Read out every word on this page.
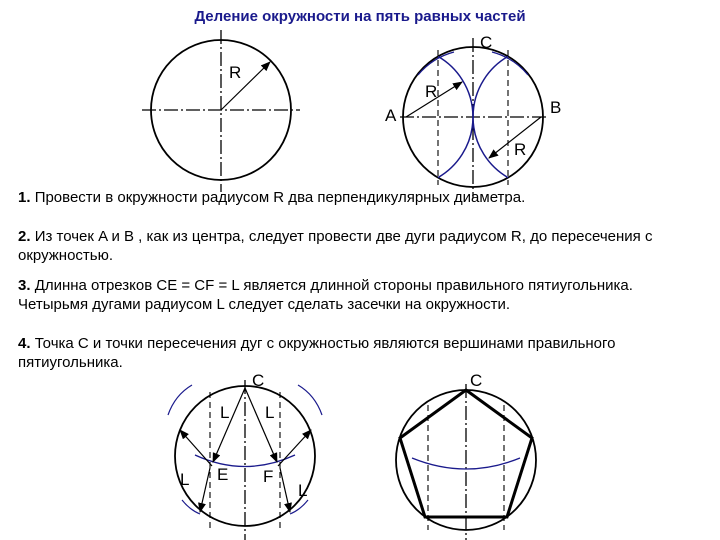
Деление окружности на пять равных частей
R
C
A	B
R
R
C
L L
L
L
E F
C
1. Провести в окружности радиусом R два перпендикулярных диаметра.
2. Из точек A и B , как из центра, следует провести две дуги радиусом R, до пересечения с окружностью.
3. Длинна отрезков CE = CF = L является длинной стороны правильного пятиугольника. Четырьмя дугами радиусом L следует сделать засечки на окружности.
4. Точка C и точки пересечения дуг с окружностью являются вершинами правильного пятиугольника.
